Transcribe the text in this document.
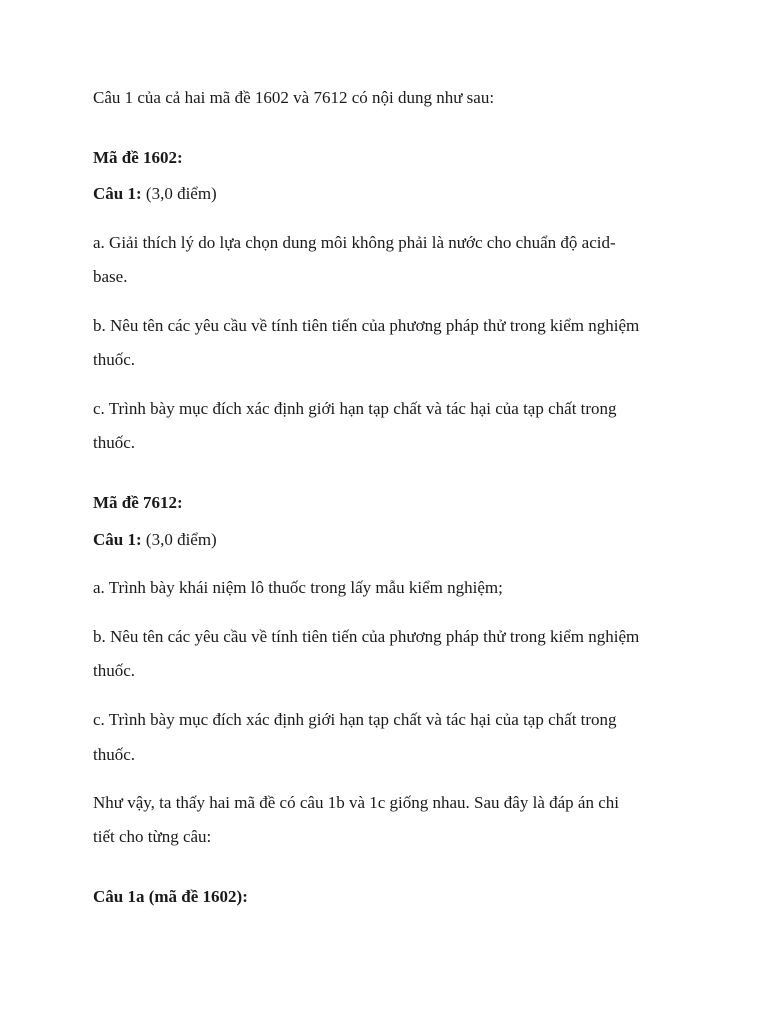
Câu 1 của cả hai mã đề 1602 và 7612 có nội dung như sau:
Mã đề 1602:
Câu 1: (3,0 điểm)
a. Giải thích lý do lựa chọn dung môi không phải là nước cho chuẩn độ acid-
base.
b. Nêu tên các yêu cầu về tính tiên tiến của phương pháp thử trong kiểm nghiệm
thuốc.
c. Trình bày mục đích xác định giới hạn tạp chất và tác hại của tạp chất trong
thuốc.
Mã đề 7612:
Câu 1: (3,0 điểm)
a. Trình bày khái niệm lô thuốc trong lấy mẫu kiểm nghiệm;
b. Nêu tên các yêu cầu về tính tiên tiến của phương pháp thử trong kiểm nghiệm
thuốc.
c. Trình bày mục đích xác định giới hạn tạp chất và tác hại của tạp chất trong
thuốc.
Như vậy, ta thấy hai mã đề có câu 1b và 1c giống nhau. Sau đây là đáp án chi
tiết cho từng câu:
Câu 1a (mã đề 1602):
